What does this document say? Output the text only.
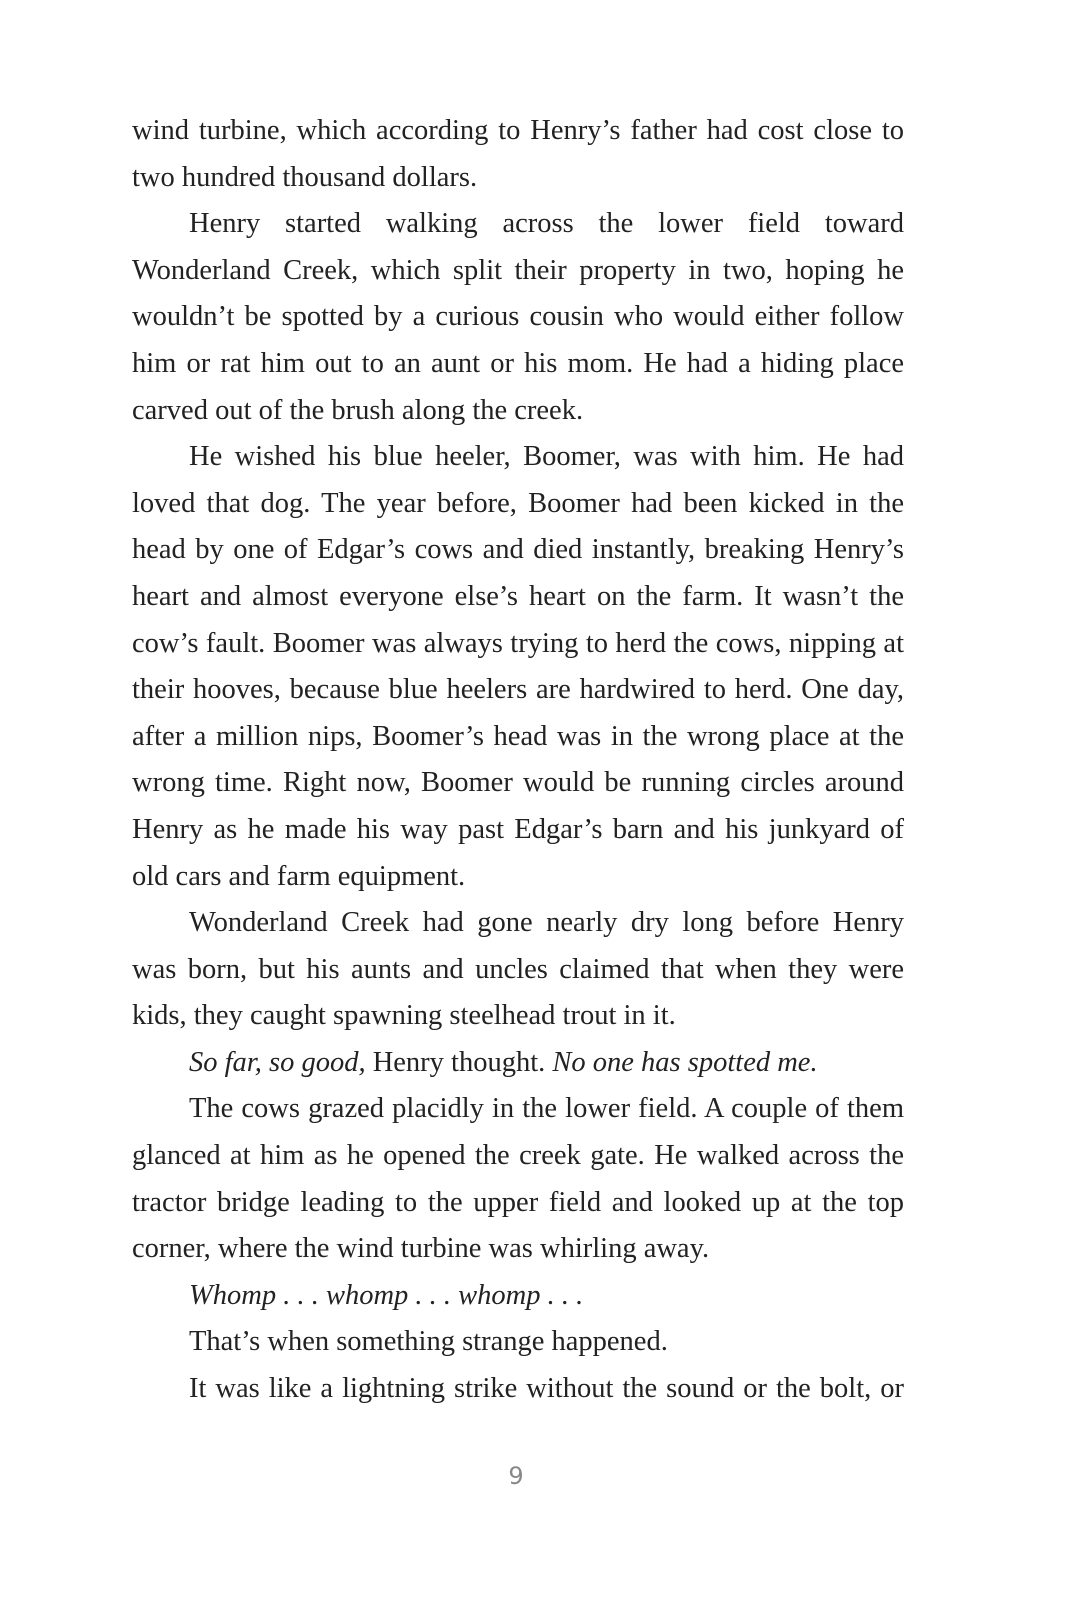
wind turbine, which according to Henry’s father had cost close to two hundred thousand dollars.

Henry started walking across the lower field toward Wonderland Creek, which split their property in two, hoping he wouldn’t be spotted by a curious cousin who would either follow him or rat him out to an aunt or his mom. He had a hiding place carved out of the brush along the creek.

He wished his blue heeler, Boomer, was with him. He had loved that dog. The year before, Boomer had been kicked in the head by one of Edgar’s cows and died instantly, breaking Henry’s heart and almost everyone else’s heart on the farm. It wasn’t the cow’s fault. Boomer was always trying to herd the cows, nipping at their hooves, because blue heelers are hardwired to herd. One day, after a million nips, Boomer’s head was in the wrong place at the wrong time. Right now, Boomer would be running circles around Henry as he made his way past Edgar’s barn and his junkyard of old cars and farm equipment.

Wonderland Creek had gone nearly dry long before Henry was born, but his aunts and uncles claimed that when they were kids, they caught spawning steelhead trout in it.

So far, so good, Henry thought. No one has spotted me.

The cows grazed placidly in the lower field. A couple of them glanced at him as he opened the creek gate. He walked across the tractor bridge leading to the upper field and looked up at the top corner, where the wind turbine was whirling away.

Whomp . . . whomp . . . whomp . . .

That’s when something strange happened.

It was like a lightning strike without the sound or the bolt, or

9
